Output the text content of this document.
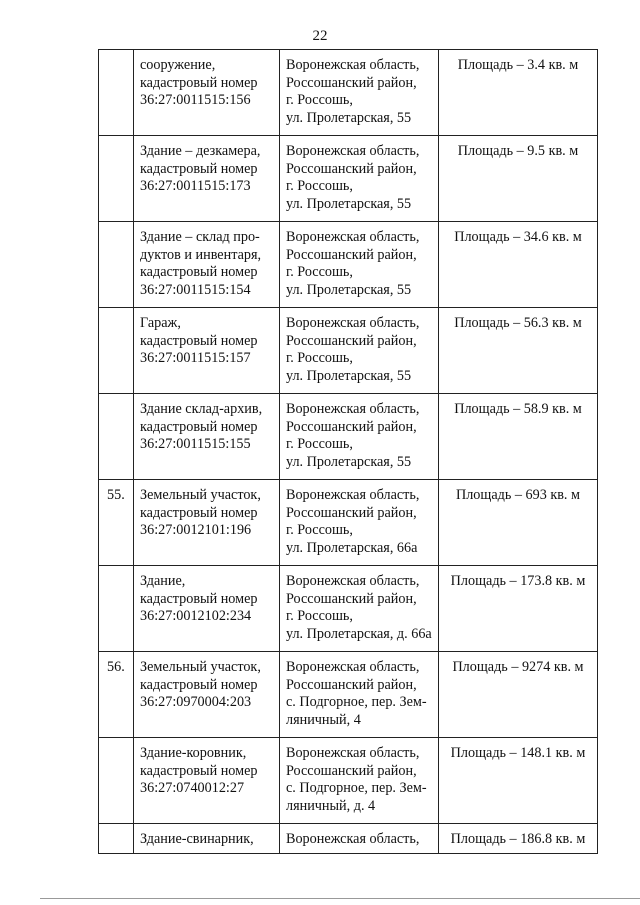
22
	сооружение,
кадастровый номер
36:27:0011515:156	Воронежская область,
Россошанский район,
г. Россошь,
ул. Пролетарская, 55	Площадь – 3.4 кв. м
	Здание – дезкамера,
кадастровый номер
36:27:0011515:173	Воронежская область,
Россошанский район,
г. Россошь,
ул. Пролетарская, 55	Площадь – 9.5 кв. м
	Здание – склад про-
дуктов и инвентаря,
кадастровый номер
36:27:0011515:154	Воронежская область,
Россошанский район,
г. Россошь,
ул. Пролетарская, 55	Площадь – 34.6 кв. м
	Гараж,
кадастровый номер
36:27:0011515:157	Воронежская область,
Россошанский район,
г. Россошь,
ул. Пролетарская, 55	Площадь – 56.3 кв. м
	Здание склад-архив,
кадастровый номер
36:27:0011515:155	Воронежская область,
Россошанский район,
г. Россошь,
ул. Пролетарская, 55	Площадь – 58.9 кв. м
55.	Земельный участок,
кадастровый номер
36:27:0012101:196	Воронежская область,
Россошанский район,
г. Россошь,
ул. Пролетарская, 66а	Площадь – 693 кв. м
	Здание,
кадастровый номер
36:27:0012102:234	Воронежская область,
Россошанский район,
г. Россошь,
ул. Пролетарская, д. 66а	Площадь – 173.8 кв. м
56.	Земельный участок,
кадастровый номер
36:27:0970004:203	Воронежская область,
Россошанский район,
с. Подгорное, пер. Зем-
ляничный, 4	Площадь – 9274 кв. м
	Здание-коровник,
кадастровый номер
36:27:0740012:27	Воронежская область,
Россошанский район,
с. Подгорное, пер. Зем-
ляничный, д. 4	Площадь – 148.1 кв. м
	Здание-свинарник,	Воронежская область,	Площадь – 186.8 кв. м
